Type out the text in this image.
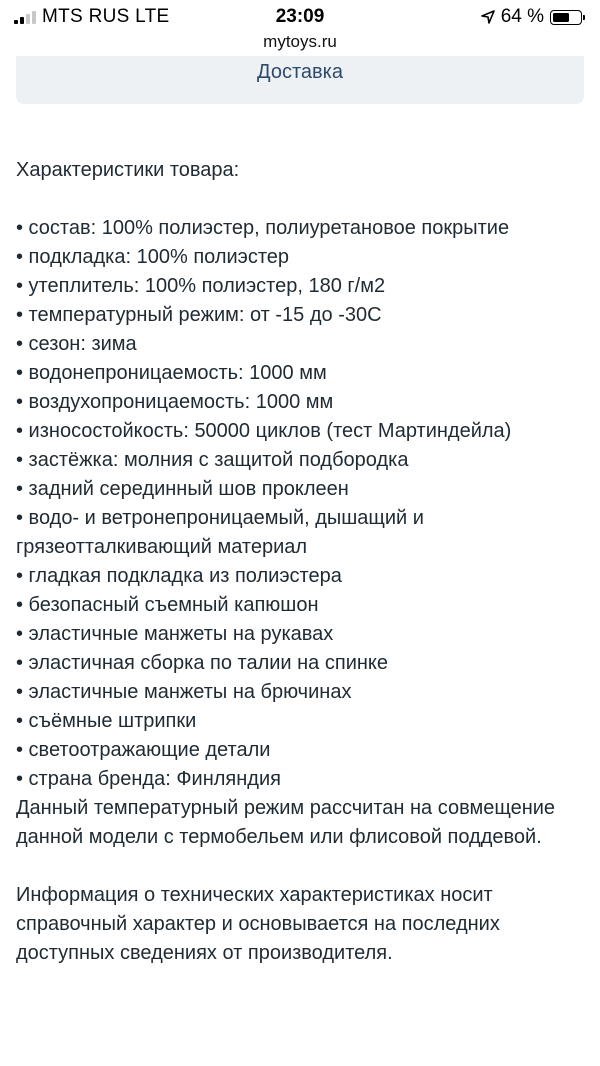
MTS RUS LTE	23:09	64 %
mytoys.ru
Доставка

Характеристики товара:

• состав: 100% полиэстер, полиуретановое покрытие
• подкладка: 100% полиэстер
• утеплитель: 100% полиэстер, 180 г/м2
• температурный режим: от -15 до -30С
• сезон: зима
• водонепроницаемость: 1000 мм
• воздухопроницаемость: 1000 мм
• износостойкость: 50000 циклов (тест Мартиндейла)
• застёжка: молния с защитой подбородка
• задний серединный шов проклеен
• водо- и ветронепроницаемый, дышащий и грязеотталкивающий материал
• гладкая подкладка из полиэстера
• безопасный съемный капюшон
• эластичные манжеты на рукавах
• эластичная сборка по талии на спинке
• эластичные манжеты на брючинах
• съёмные штрипки
• светоотражающие детали
• страна бренда: Финляндия

Данный температурный режим рассчитан на совмещение данной модели с термобельем или флисовой поддевой.

Информация о технических характеристиках носит справочный характер и основывается на последних доступных сведениях от производителя.
